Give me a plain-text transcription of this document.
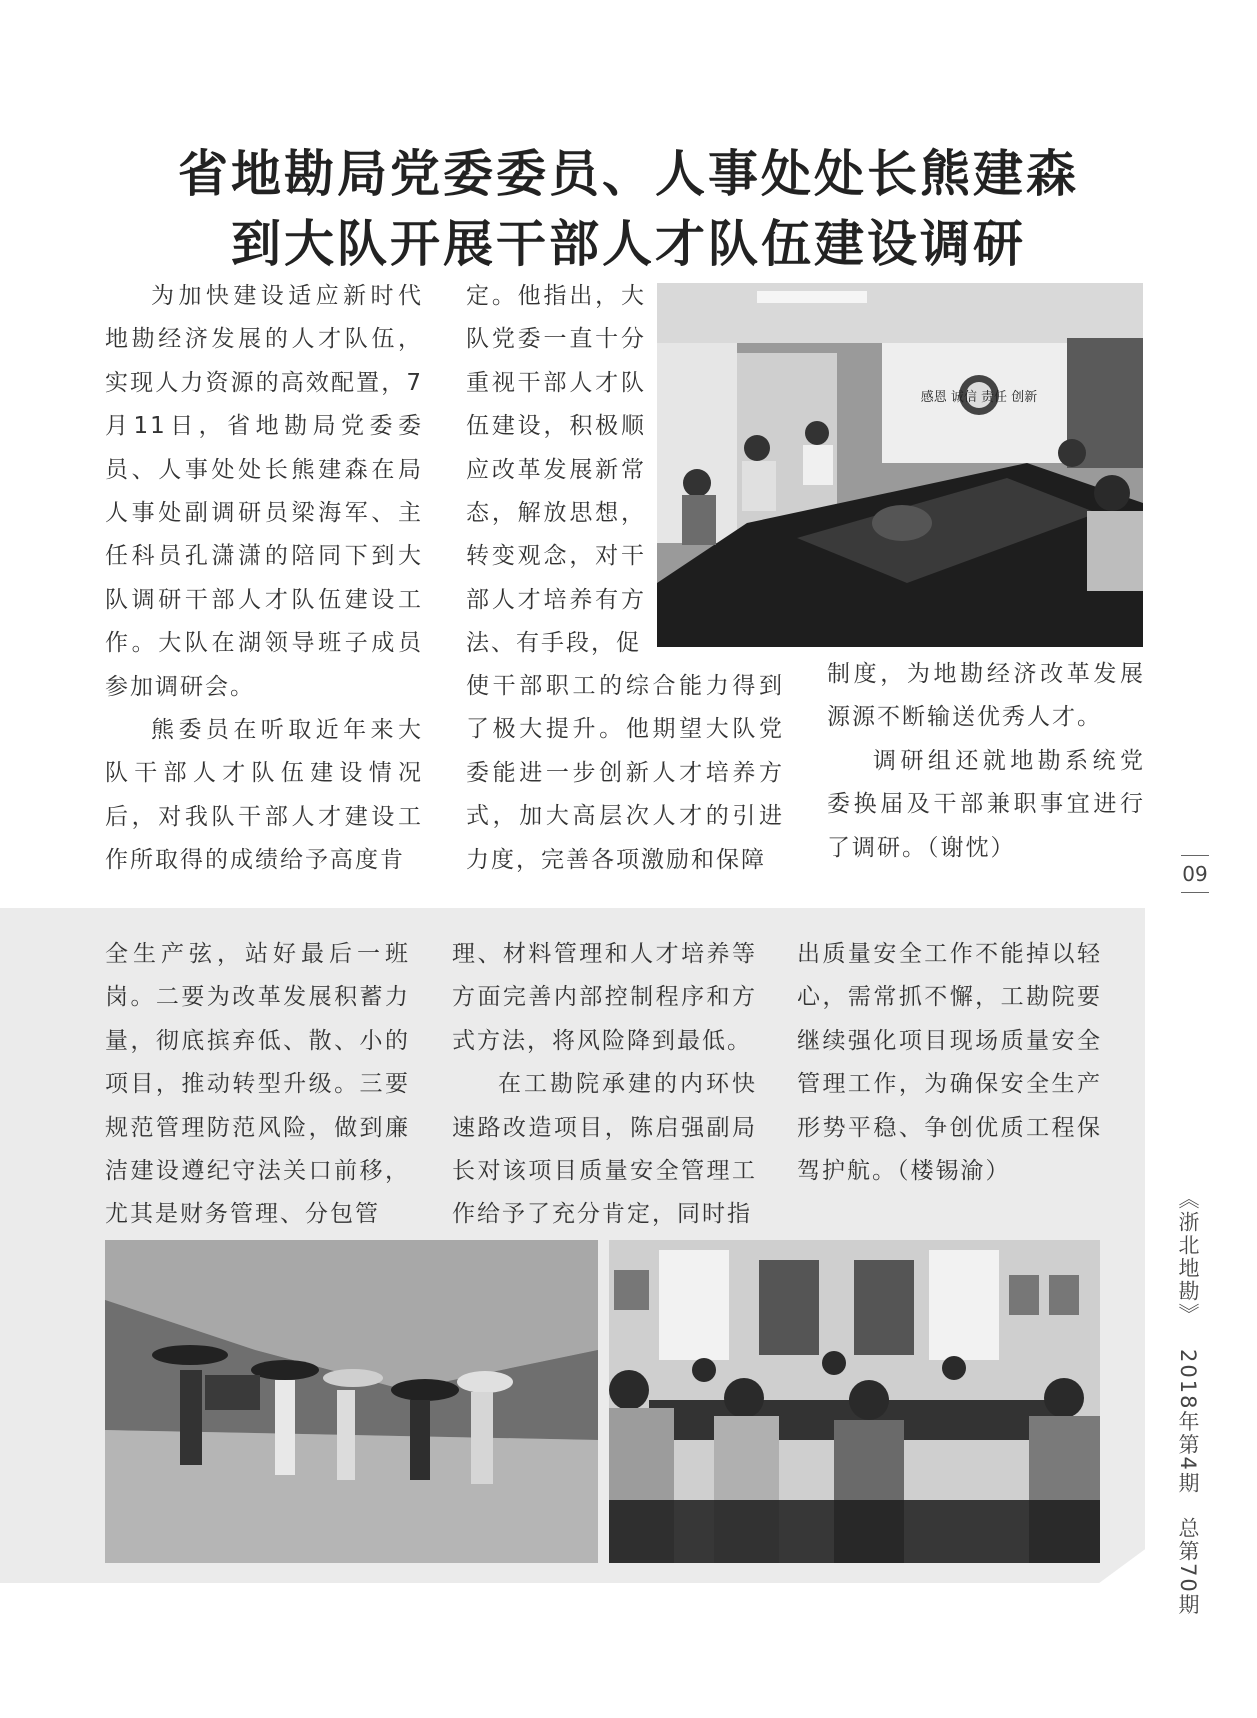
省地勘局党委委员、人事处处长熊建森
到大队开展干部人才队伍建设调研

为加快建设适应新时代地勘经济发展的人才队伍，实现人力资源的高效配置，7月11日，省地勘局党委委员、人事处处长熊建森在局人事处副调研员梁海军、主任科员孔潇潇的陪同下到大队调研干部人才队伍建设工作。大队在湖领导班子成员参加调研会。

熊委员在听取近年来大队干部人才队伍建设情况后，对我队干部人才建设工作所取得的成绩给予高度肯

定。他指出，大队党委一直十分重视干部人才队伍建设，积极顺应改革发展新常态，解放思想，转变观念，对干部人才培养有方法、有手段，促

使干部职工的综合能力得到了极大提升。他期望大队党委能进一步创新人才培养方式，加大高层次人才的引进力度，完善各项激励和保障

制度，为地勘经济改革发展源源不断输送优秀人才。

调研组还就地勘系统党委换届及干部兼职事宜进行了调研。（谢忱）

感恩 诚信 责任 创新
09

全生产弦，站好最后一班岗。二要为改革发展积蓄力量，彻底摈弃低、散、小的项目，推动转型升级。三要规范管理防范风险，做到廉洁建设遵纪守法关口前移，尤其是财务管理、分包管

理、材料管理和人才培养等方面完善内部控制程序和方式方法，将风险降到最低。

在工勘院承建的内环快速路改造项目，陈启强副局长对该项目质量安全管理工作给予了充分肯定，同时指

出质量安全工作不能掉以轻心，需常抓不懈，工勘院要继续强化项目现场质量安全管理工作，为确保安全生产形势平稳、争创优质工程保驾护航。（楼锡渝）

《浙北地勘》 2018年第4期 总第70期
